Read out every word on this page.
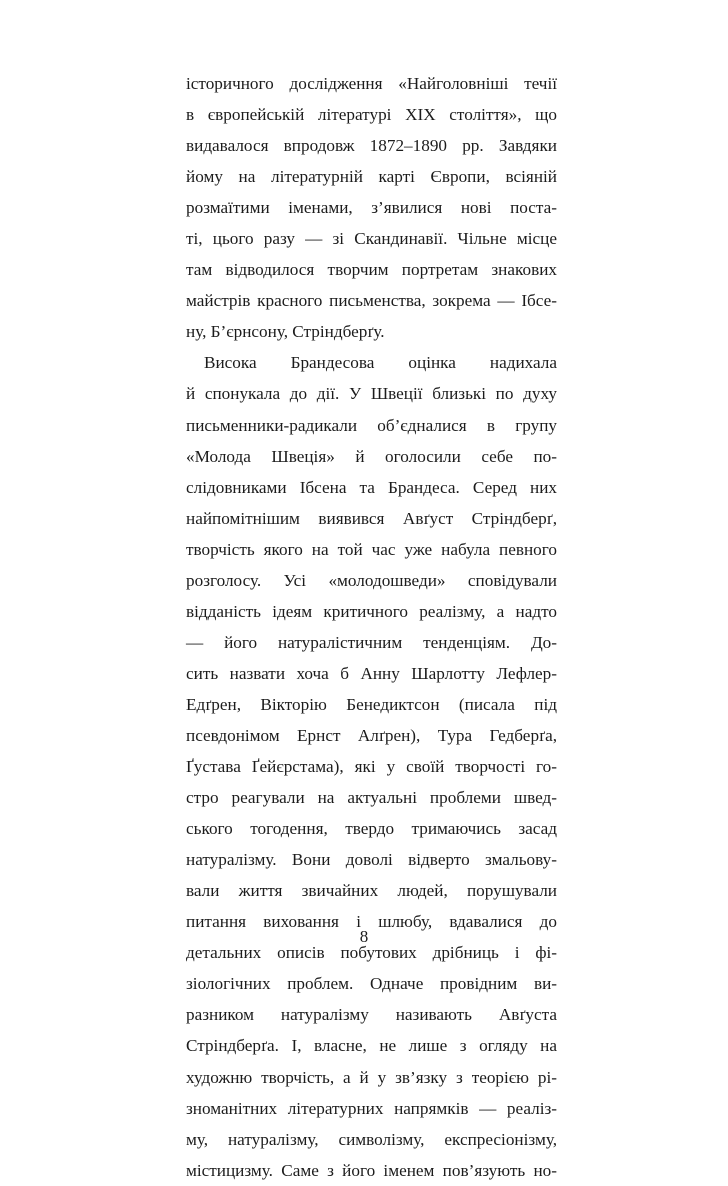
історичного дослідження «Найголовніші течії
в європейській літературі XIX століття», що
видавалося впродовж 1872–1890 рр. Завдяки
йому на літературній карті Європи, всіяній
розмаїтими іменами, з’явилися нові поста-
ті, цього разу — зі Скандинавії. Чільне місце
там відводилося творчим портретам знакових
майстрів красного письменства, зокрема — Ібсе-
ну, Б’єрнсону, Стріндберґу.
Висока Брандесова оцінка надихала
й спонукала до дії. У Швеції близькі по духу
письменники-радикали об’єдналися в групу
«Молода Швеція» й оголосили себе по-
слідовниками Ібсена та Брандеса. Серед них
найпомітнішим виявився Авґуст Стріндберґ,
творчість якого на той час уже набула певного
розголосу. Усі «молодошведи» сповідували
відданість ідеям критичного реалізму, а надто
— його натуралістичним тенденціям. До-
сить назвати хоча б Анну Шарлотту Лефлер-
Едґрен, Вікторію Бенедиктсон (писала під
псевдонімом Ернст Алґрен), Тура Гедберґа,
Ґустава Ґейєрстама), які у своїй творчості го-
стро реагували на актуальні проблеми швед-
ського тогодення, твердо тримаючись засад
натуралізму. Вони доволі відверто змальову-
вали життя звичайних людей, порушували
питання виховання і шлюбу, вдавалися до
детальних описів побутових дрібниць і фі-
зіологічних проблем. Одначе провідним ви-
разником натуралізму називають Авґуста
Стріндберґа. І, власне, не лише з огляду на
художню творчість, а й у зв’язку з теорією рі-
зноманітних літературних напрямків — реаліз-
му, натуралізму, символізму, експресіонізму,
містицизму. Саме з його іменем пов’язують но-
8
